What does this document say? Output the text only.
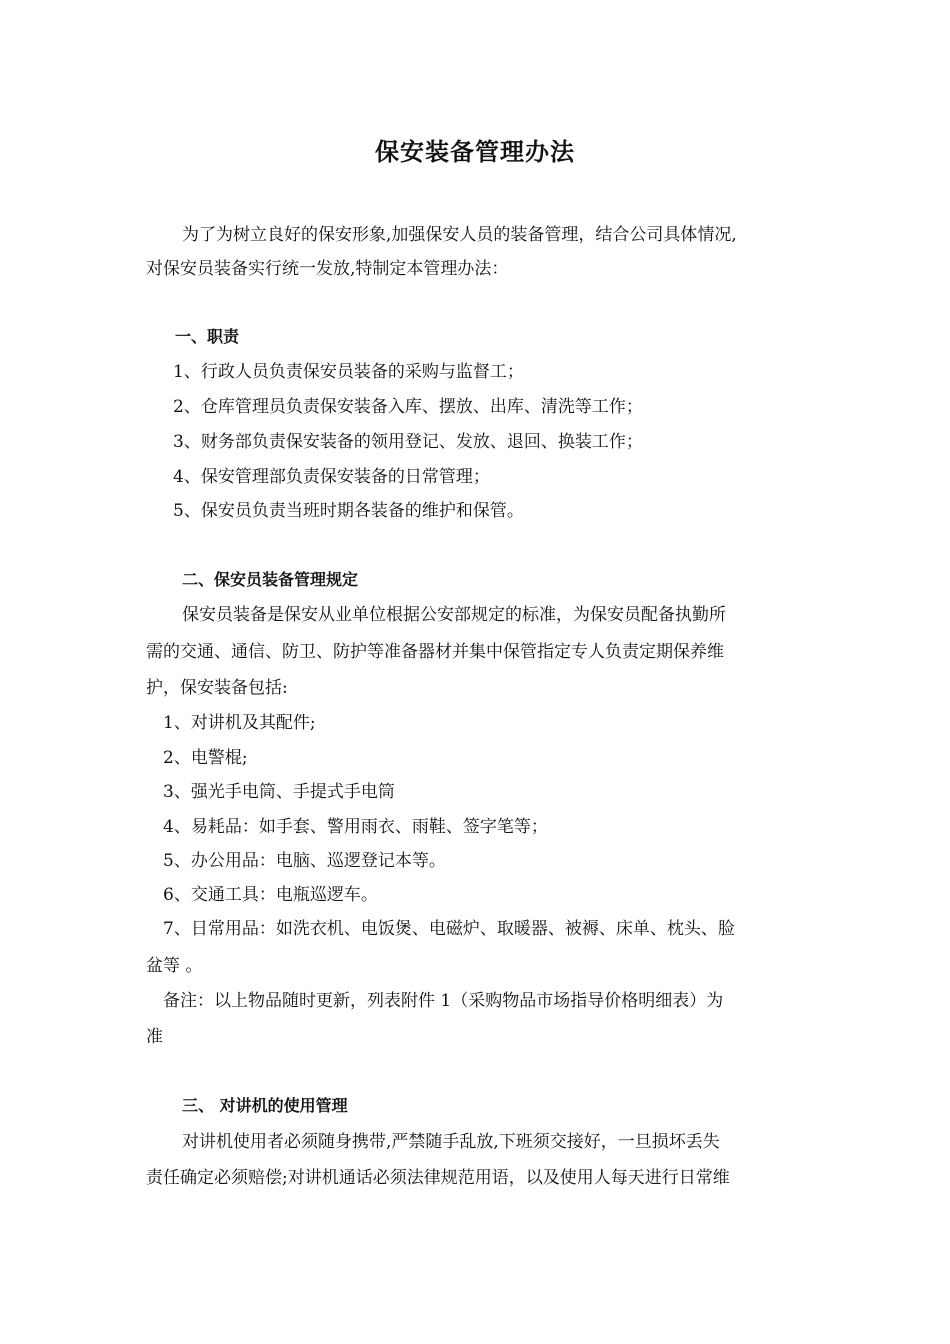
保安装备管理办法
为了为树立良好的保安形象,加强保安人员的装备管理，结合公司具体情况,
对保安员装备实行统一发放,特制定本管理办法：
一、职责
1、行政人员负责保安员装备的采购与监督工；
2、仓库管理员负责保安装备入库、摆放、出库、清洗等工作；
3、财务部负责保安装备的领用登记、发放、退回、换装工作；
4、保安管理部负责保安装备的日常管理；
5、保安员负责当班时期各装备的维护和保管。
二、保安员装备管理规定
保安员装备是保安从业单位根据公安部规定的标准，为保安员配备执勤所
需的交通、通信、防卫、防护等准备器材并集中保管指定专人负责定期保养维
护，保安装备包括:
1、对讲机及其配件;
2、电警棍;
3、强光手电筒、手提式手电筒
4、易耗品：如手套、警用雨衣、雨鞋、签字笔等；
5、办公用品：电脑、巡逻登记本等。
6、交通工具：电瓶巡逻车。
7、日常用品：如洗衣机、电饭煲、电磁炉、取暖器、被褥、床单、枕头、脸
盆等 。
备注：以上物品随时更新，列表附件 1（采购物品市场指导价格明细表）为
准
三、 对讲机的使用管理
对讲机使用者必须随身携带,严禁随手乱放,下班须交接好，一旦损坏丢失
责任确定必须赔偿;对讲机通话必须法律规范用语，以及使用人每天进行日常维
